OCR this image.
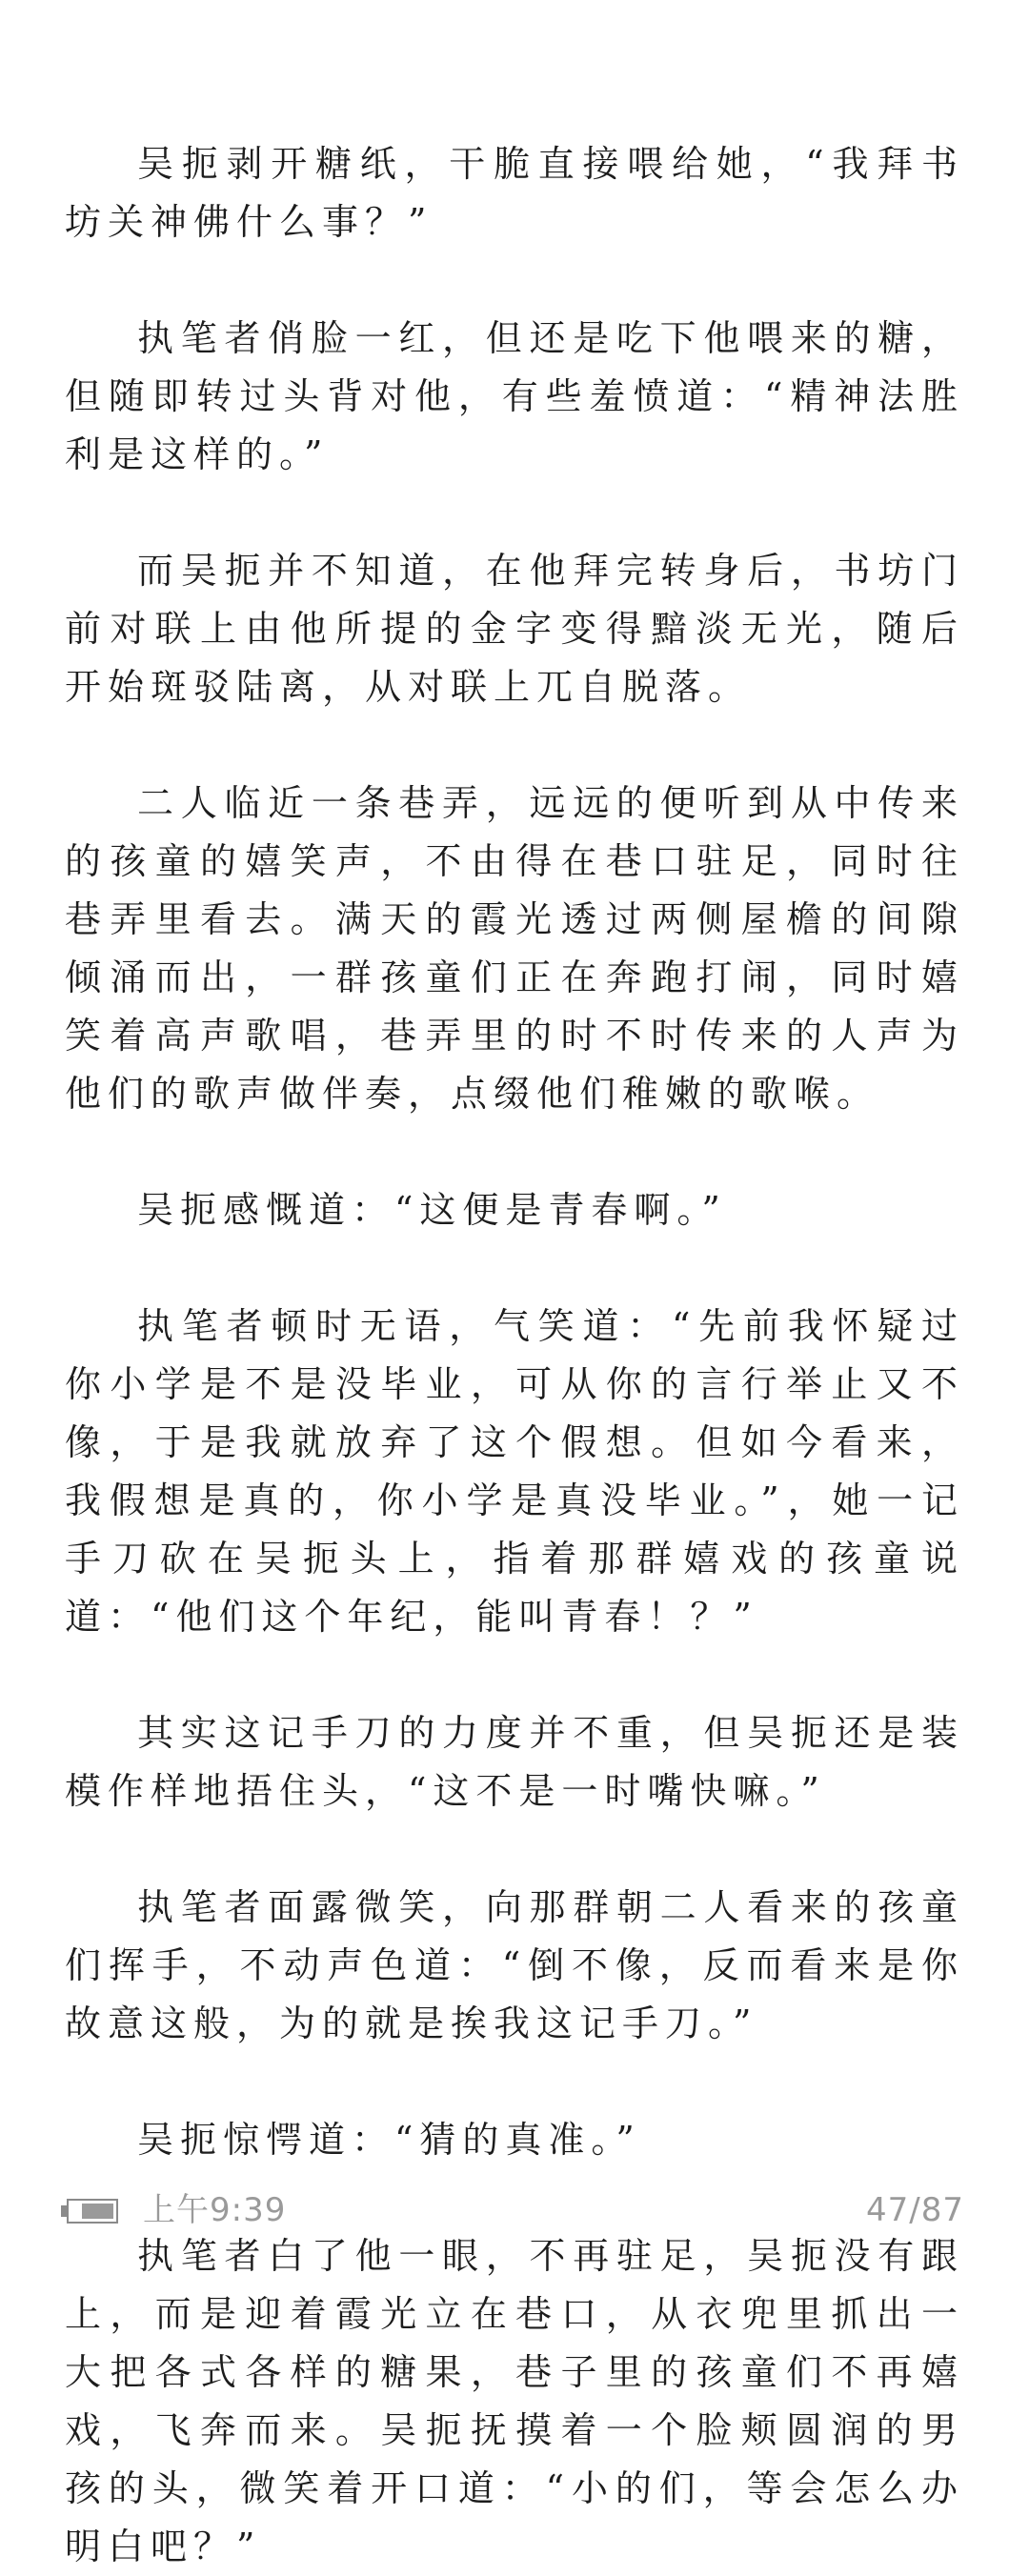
吴扼剥开糖纸，干脆直接喂给她，“我拜书坊关神佛什么事？”

执笔者俏脸一红，但还是吃下他喂来的糖，但随即转过头背对他，有些羞愤道：“精神法胜利是这样的。”

而吴扼并不知道，在他拜完转身后，书坊门前对联上由他所提的金字变得黯淡无光，随后开始斑驳陆离，从对联上兀自脱落。

二人临近一条巷弄，远远的便听到从中传来的孩童的嬉笑声，不由得在巷口驻足，同时往巷弄里看去。满天的霞光透过两侧屋檐的间隙倾涌而出，一群孩童们正在奔跑打闹，同时嬉笑着高声歌唱，巷弄里的时不时传来的人声为他们的歌声做伴奏，点缀他们稚嫩的歌喉。

吴扼感慨道：“这便是青春啊。”

执笔者顿时无语，气笑道：“先前我怀疑过你小学是不是没毕业，可从你的言行举止又不像，于是我就放弃了这个假想。但如今看来，我假想是真的，你小学是真没毕业。”，她一记手刀砍在吴扼头上，指着那群嬉戏的孩童说道：“他们这个年纪，能叫青春！？”

其实这记手刀的力度并不重，但吴扼还是装模作样地捂住头，“这不是一时嘴快嘛。”

执笔者面露微笑，向那群朝二人看来的孩童们挥手，不动声色道：“倒不像，反而看来是你故意这般，为的就是挨我这记手刀。”

吴扼惊愕道：“猜的真准。”

执笔者白了他一眼，不再驻足，吴扼没有跟上，而是迎着霞光立在巷口，从衣兜里抓出一大把各式各样的糖果，巷子里的孩童们不再嬉戏，飞奔而来。吴扼抚摸着一个脸颊圆润的男孩的头，微笑着开口道：“小的们，等会怎么办明白吧？”

上午9:39	47/87
